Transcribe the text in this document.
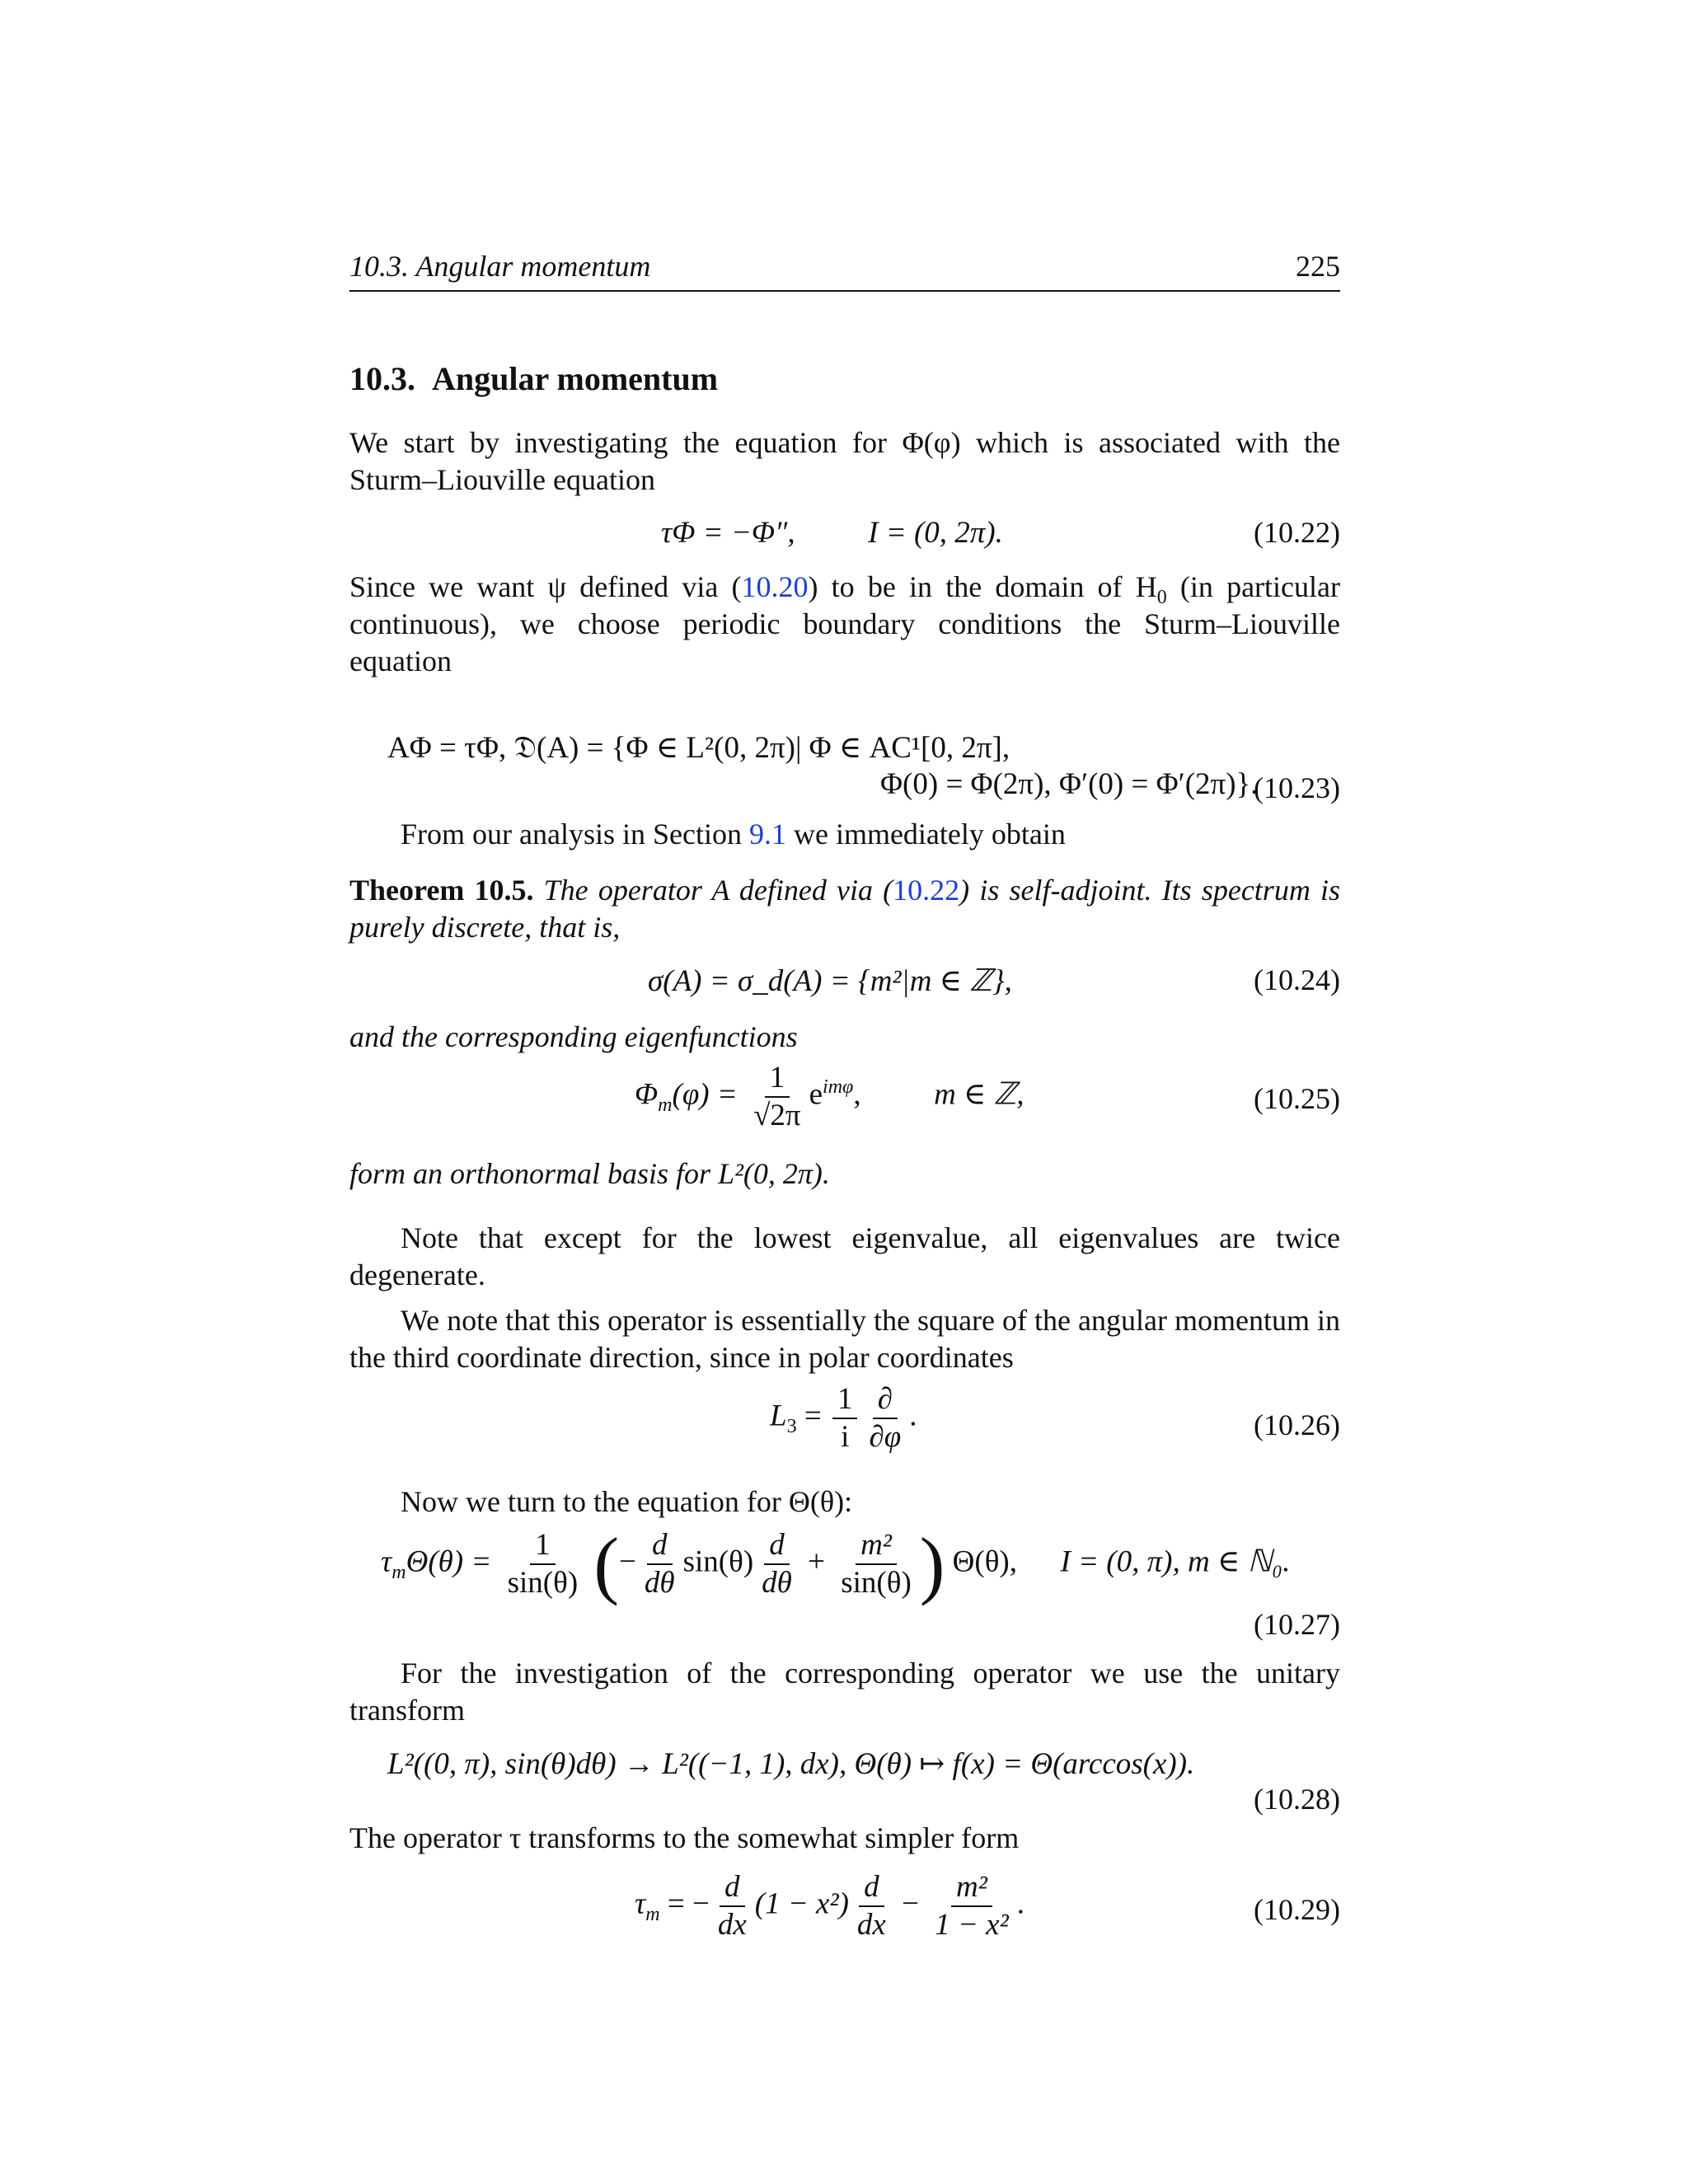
10.3. Angular momentum	225
10.3. Angular momentum
We start by investigating the equation for Φ(φ) which is associated with the Sturm–Liouville equation
τΦ = −Φ″, I = (0, 2π).	(10.22)
Since we want ψ defined via (10.20) to be in the domain of $H_0$ (in particular continuous), we choose periodic boundary conditions the Sturm–Liouville equation
AΦ = τΦ, 𝔇(A) = {Φ ∈ L²(0, 2π)| Φ ∈ AC¹[0, 2π],
Φ(0) = Φ(2π), Φ′(0) = Φ′(2π)}.
(10.23)
From our analysis in Section 9.1 we immediately obtain
Theorem 10.5. The operator A defined via (10.22) is self-adjoint. Its spectrum is purely discrete, that is,
σ(A) = σ_d(A) = {m²|m ∈ ℤ},	(10.24)
and the corresponding eigenfunctions
$\Phi_m(\varphi) = \frac{1}{√2\pi} e^{im\varphi}$, m ∈ ℤ,	(10.25)
form an orthonormal basis for L²(0, 2π).
Note that except for the lowest eigenvalue, all eigenvalues are twice degenerate.
We note that this operator is essentially the square of the angular momentum in the third coordinate direction, since in polar coordinates
$L_3 = \frac{1}{i} \frac{\partial}{\partial\varphi}$ .	(10.26)
Now we turn to the equation for Θ(θ):
$\tau_m\Theta(\theta) = \frac{1}{\sin(\theta)}$ (− $\frac{d}{d\theta} \sin(\theta) \frac{d}{d\theta} + \frac{\text{m²}}{\sin(\theta)}$ ) Θ(θ), I = (0, π), m ∈ ℕ₀.
(10.27)
For the investigation of the corresponding operator we use the unitary transform
L²((0, π), sin(θ)dθ) → L²((−1, 1), dx), Θ(θ) ↦ f(x) = Θ(arccos(x)).
(10.28)
The operator τ transforms to the somewhat simpler form
$\tau_m$ = − $\frac{d}{dx} (1 - x^2) \frac{d}{dx} - \frac{\text{m²}}{\text{1 − x²}}$ .	(10.29)
